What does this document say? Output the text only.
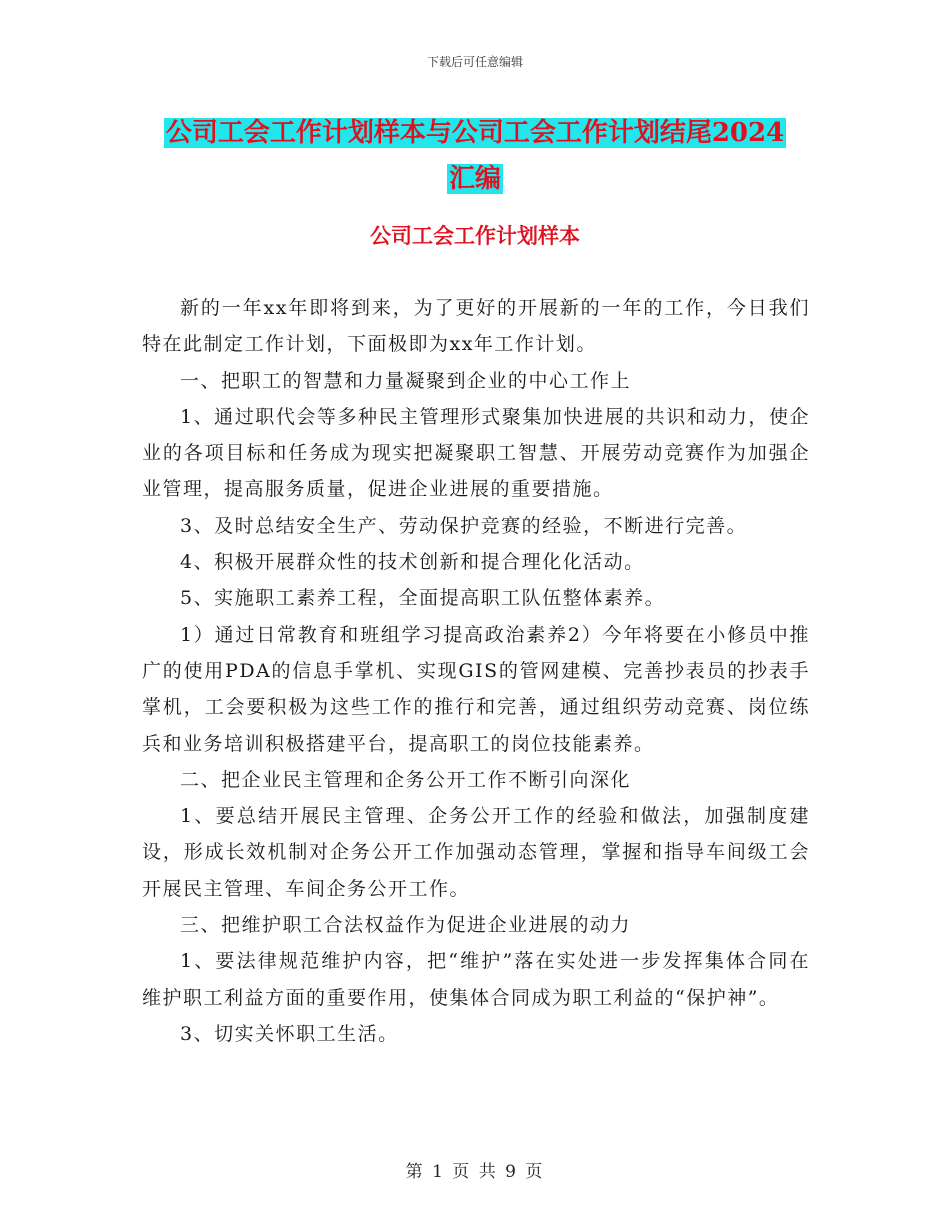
下载后可任意编辑
公司工会工作计划样本与公司工会工作计划结尾2024
汇编
公司工会工作计划样本

新的一年xx年即将到来，为了更好的开展新的一年的工作，今日我们特在此制定工作计划，下面极即为xx年工作计划。

一、把职工的智慧和力量凝聚到企业的中心工作上

1、通过职代会等多种民主管理形式聚集加快进展的共识和动力，使企业的各项目标和任务成为现实把凝聚职工智慧、开展劳动竞赛作为加强企业管理，提高服务质量，促进企业进展的重要措施。

3、及时总结安全生产、劳动保护竞赛的经验，不断进行完善。

4、积极开展群众性的技术创新和提合理化化活动。

5、实施职工素养工程，全面提高职工队伍整体素养。

1）通过日常教育和班组学习提高政治素养2）今年将要在小修员中推广的使用PDA的信息手掌机、实现GIS的管网建模、完善抄表员的抄表手掌机，工会要积极为这些工作的推行和完善，通过组织劳动竞赛、岗位练兵和业务培训积极搭建平台，提高职工的岗位技能素养。

二、把企业民主管理和企务公开工作不断引向深化

1、要总结开展民主管理、企务公开工作的经验和做法，加强制度建设，形成长效机制对企务公开工作加强动态管理，掌握和指导车间级工会开展民主管理、车间企务公开工作。

三、把维护职工合法权益作为促进企业进展的动力

1、要法律规范维护内容，把“维护”落在实处进一步发挥集体合同在维护职工利益方面的重要作用，使集体合同成为职工利益的“保护神”。

3、切实关怀职工生活。

第 1 页 共 9 页
